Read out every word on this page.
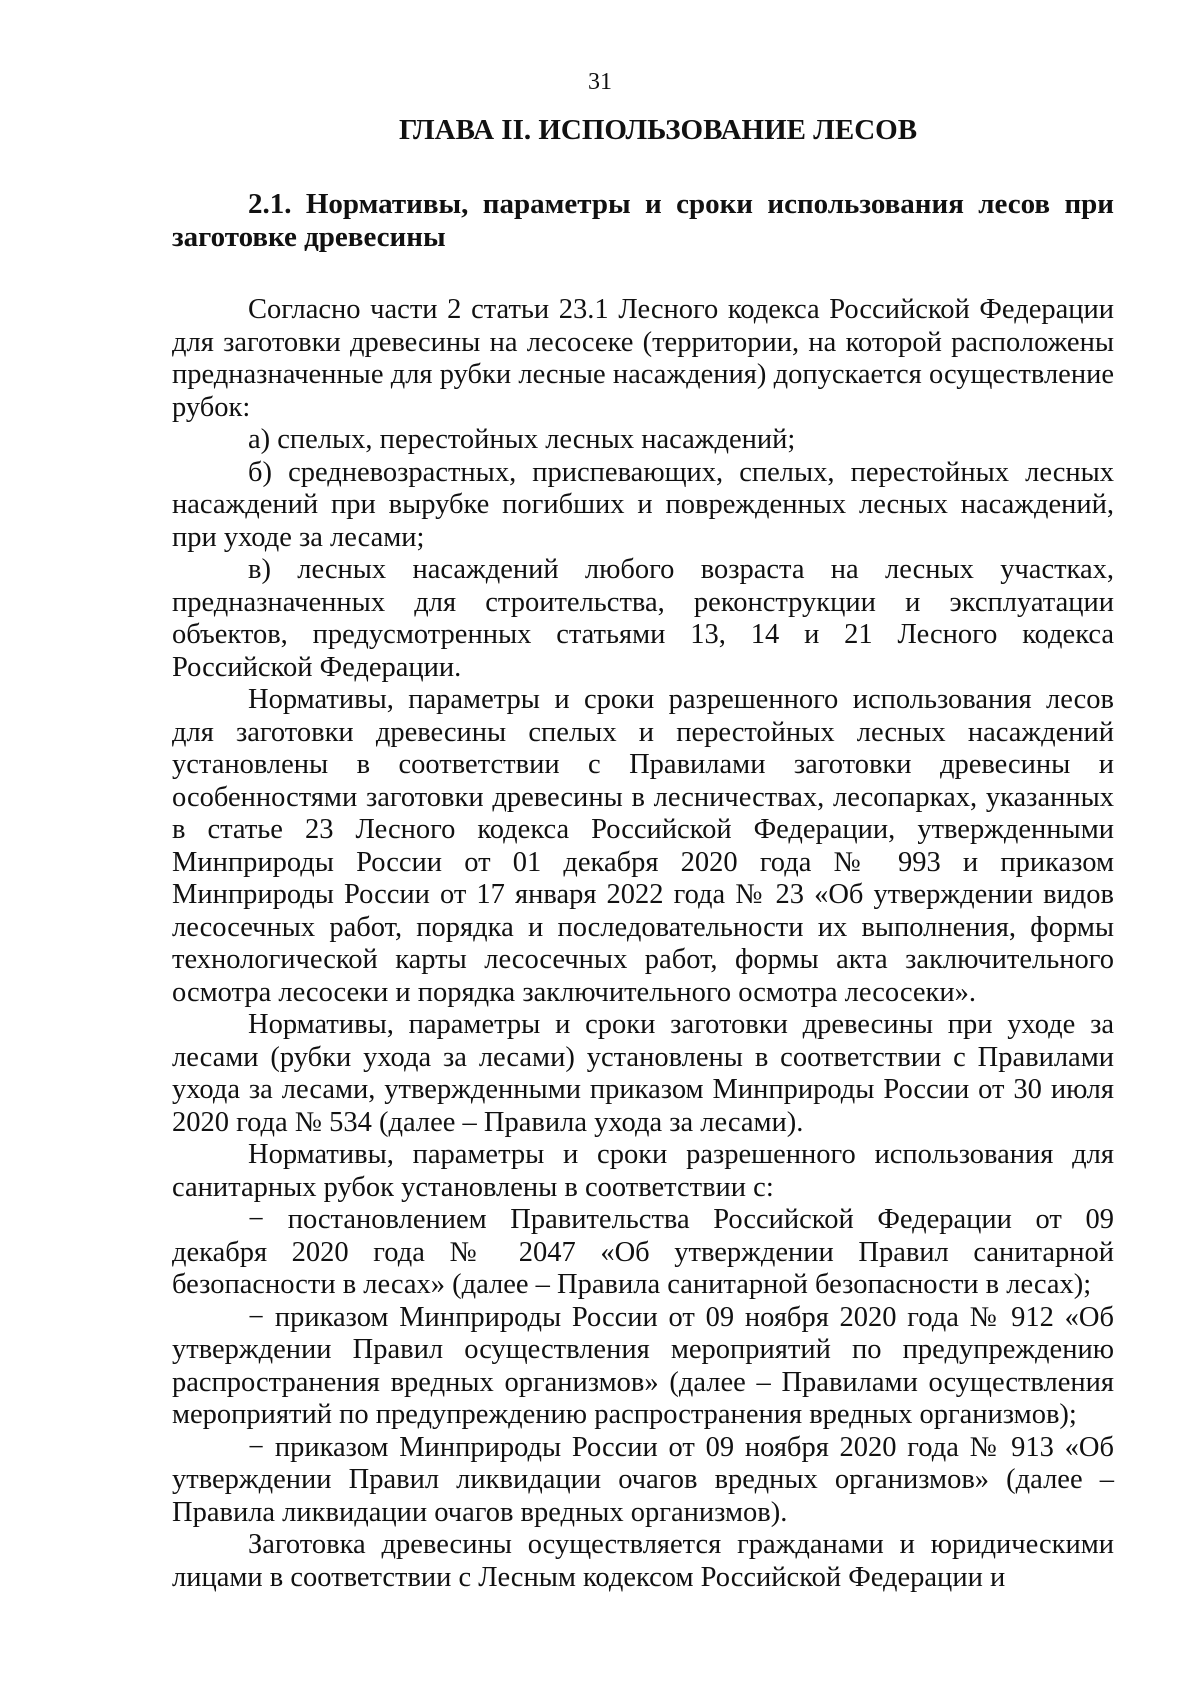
31
ГЛАВА II. ИСПОЛЬЗОВАНИЕ ЛЕСОВ
2.1. Нормативы, параметры и сроки использования лесов при заготовке древесины

Согласно части 2 статьи 23.1 Лесного кодекса Российской Федерации для заготовки древесины на лесосеке (территории, на которой расположены предназначенные для рубки лесные насаждения) допускается осуществление рубок:

а) спелых, перестойных лесных насаждений;

б) средневозрастных, приспевающих, спелых, перестойных лесных насаждений при вырубке погибших и поврежденных лесных насаждений, при уходе за лесами;

в) лесных насаждений любого возраста на лесных участках, предназначенных для строительства, реконструкции и эксплуатации объектов, предусмотренных статьями 13, 14 и 21 Лесного кодекса Российской Федерации.

Нормативы, параметры и сроки разрешенного использования лесов для заготовки древесины спелых и перестойных лесных насаждений установлены в соответствии с Правилами заготовки древесины и особенностями заготовки древесины в лесничествах, лесопарках, указанных в статье 23 Лесного кодекса Российской Федерации, утвержденными Минприроды России от 01 декабря 2020 года № 993 и приказом Минприроды России от 17 января 2022 года № 23 «Об утверждении видов лесосечных работ, порядка и последовательности их выполнения, формы технологической карты лесосечных работ, формы акта заключительного осмотра лесосеки и порядка заключительного осмотра лесосеки».

Нормативы, параметры и сроки заготовки древесины при уходе за лесами (рубки ухода за лесами) установлены в соответствии с Правилами ухода за лесами, утвержденными приказом Минприроды России от 30 июля 2020 года № 534 (далее – Правила ухода за лесами).

Нормативы, параметры и сроки разрешенного использования для санитарных рубок установлены в соответствии с:

− постановлением Правительства Российской Федерации от 09 декабря 2020 года № 2047 «Об утверждении Правил санитарной безопасности в лесах» (далее – Правила санитарной безопасности в лесах);

− приказом Минприроды России от 09 ноября 2020 года № 912 «Об утверждении Правил осуществления мероприятий по предупреждению распространения вредных организмов» (далее – Правилами осуществления мероприятий по предупреждению распространения вредных организмов);

− приказом Минприроды России от 09 ноября 2020 года № 913 «Об утверждении Правил ликвидации очагов вредных организмов» (далее – Правила ликвидации очагов вредных организмов).

Заготовка древесины осуществляется гражданами и юридическими лицами в соответствии с Лесным кодексом Российской Федерации и
